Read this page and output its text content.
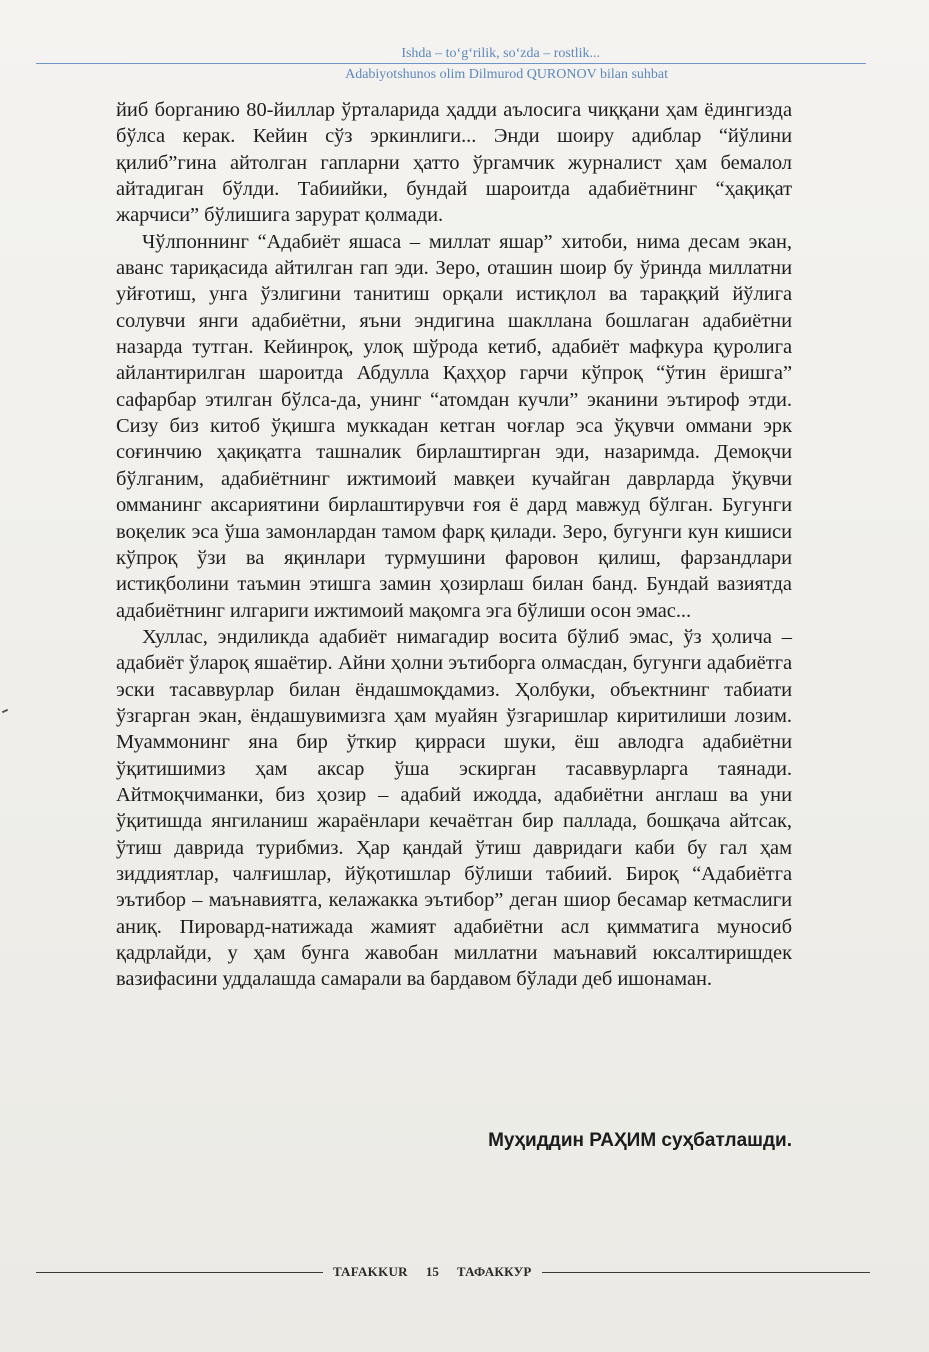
Ishda – to‘g‘rilik, so‘zda – rostlik...
Adabiyotshunos olim Dilmurod QURONOV bilan suhbat

йиб борганию 80-йиллар ўрталарида ҳадди аълосига чиққани ҳам ёдингизда бўлса керак. Кейин сўз эркинлиги... Энди шоиру адиблар “йўлини қилиб”гина айтолган гапларни ҳатто ўргамчик журналист ҳам бемалол айтадиган бўлди. Табиийки, бундай шароитда адабиётнинг “ҳақиқат жарчиси” бўлишига зарурат қолмади.

Чўлпоннинг “Адабиёт яшаса – миллат яшар” хитоби, нима десам экан, аванс тариқасида айтилган гап эди. Зеро, оташин шоир бу ўринда миллатни уйғотиш, унга ўзлигини танитиш орқали истиқлол ва тараққий йўлига солувчи янги адабиётни, яъни эндигина шакллана бошлаган адабиётни назарда тутган. Кейинроқ, улоқ шўрода кетиб, адабиёт мафкура қуролига айлантирилган шароитда Абдулла Қаҳҳор гарчи кўпроқ “ўтин ёришга” сафарбар этилган бўлса-да, унинг “атомдан кучли” эканини эътироф этди. Сизу биз китоб ўқишга муккадан кетган чоғлар эса ўқувчи оммани эрк соғинчию ҳақиқатга ташналик бирлаштирган эди, назаримда. Демоқчи бўлганим, адабиётнинг ижтимоий мавқеи кучайган даврларда ўқувчи омманинг аксариятини бирлаштирувчи ғоя ё дард мавжуд бўлган. Бугунги воқелик эса ўша замонлардан тамом фарқ қилади. Зеро, бугунги кун кишиси кўпроқ ўзи ва яқинлари турмушини фаровон қилиш, фарзандлари истиқболини таъмин этишга замин ҳозирлаш билан банд. Бундай вазиятда адабиётнинг илгариги ижтимоий мақомга эга бўлиши осон эмас...

Хуллас, эндиликда адабиёт нимагадир восита бўлиб эмас, ўз ҳолича – адабиёт ўлароқ яшаётир. Айни ҳолни эътиборга олмасдан, бугунги адабиётга эски тасаввурлар билан ёндашмоқдамиз. Ҳолбуки, объектнинг табиати ўзгарган экан, ёндашувимизга ҳам муайян ўзгаришлар киритилиши лозим. Муаммонинг яна бир ўткир қирраси шуки, ёш авлодга адабиётни ўқитишимиз ҳам аксар ўша эскирган тасаввурларга таянади. Айтмоқчиманки, биз ҳозир – адабий ижодда, адабиётни англаш ва уни ўқитишда янгиланиш жараёнлари кечаётган бир паллада, бошқача айтсак, ўтиш даврида турибмиз. Ҳар қандай ўтиш давридаги каби бу гал ҳам зиддиятлар, чалғишлар, йўқотишлар бўлиши табиий. Бироқ “Адабиётга эътибор – маънавиятга, келажакка эътибор” деган шиор бесамар кетмаслиги аниқ. Пировард-натижада жамият адабиётни асл қимматига муносиб қадрлайди, у ҳам бунга жавобан миллатни маънавий юксалтиришдек вазифасини уддалашда самарали ва бардавом бўлади деб ишонаман.

Муҳиддин РАҲИМ суҳбатлашди.
TAFAKKUR	15	ТАФАККУР
